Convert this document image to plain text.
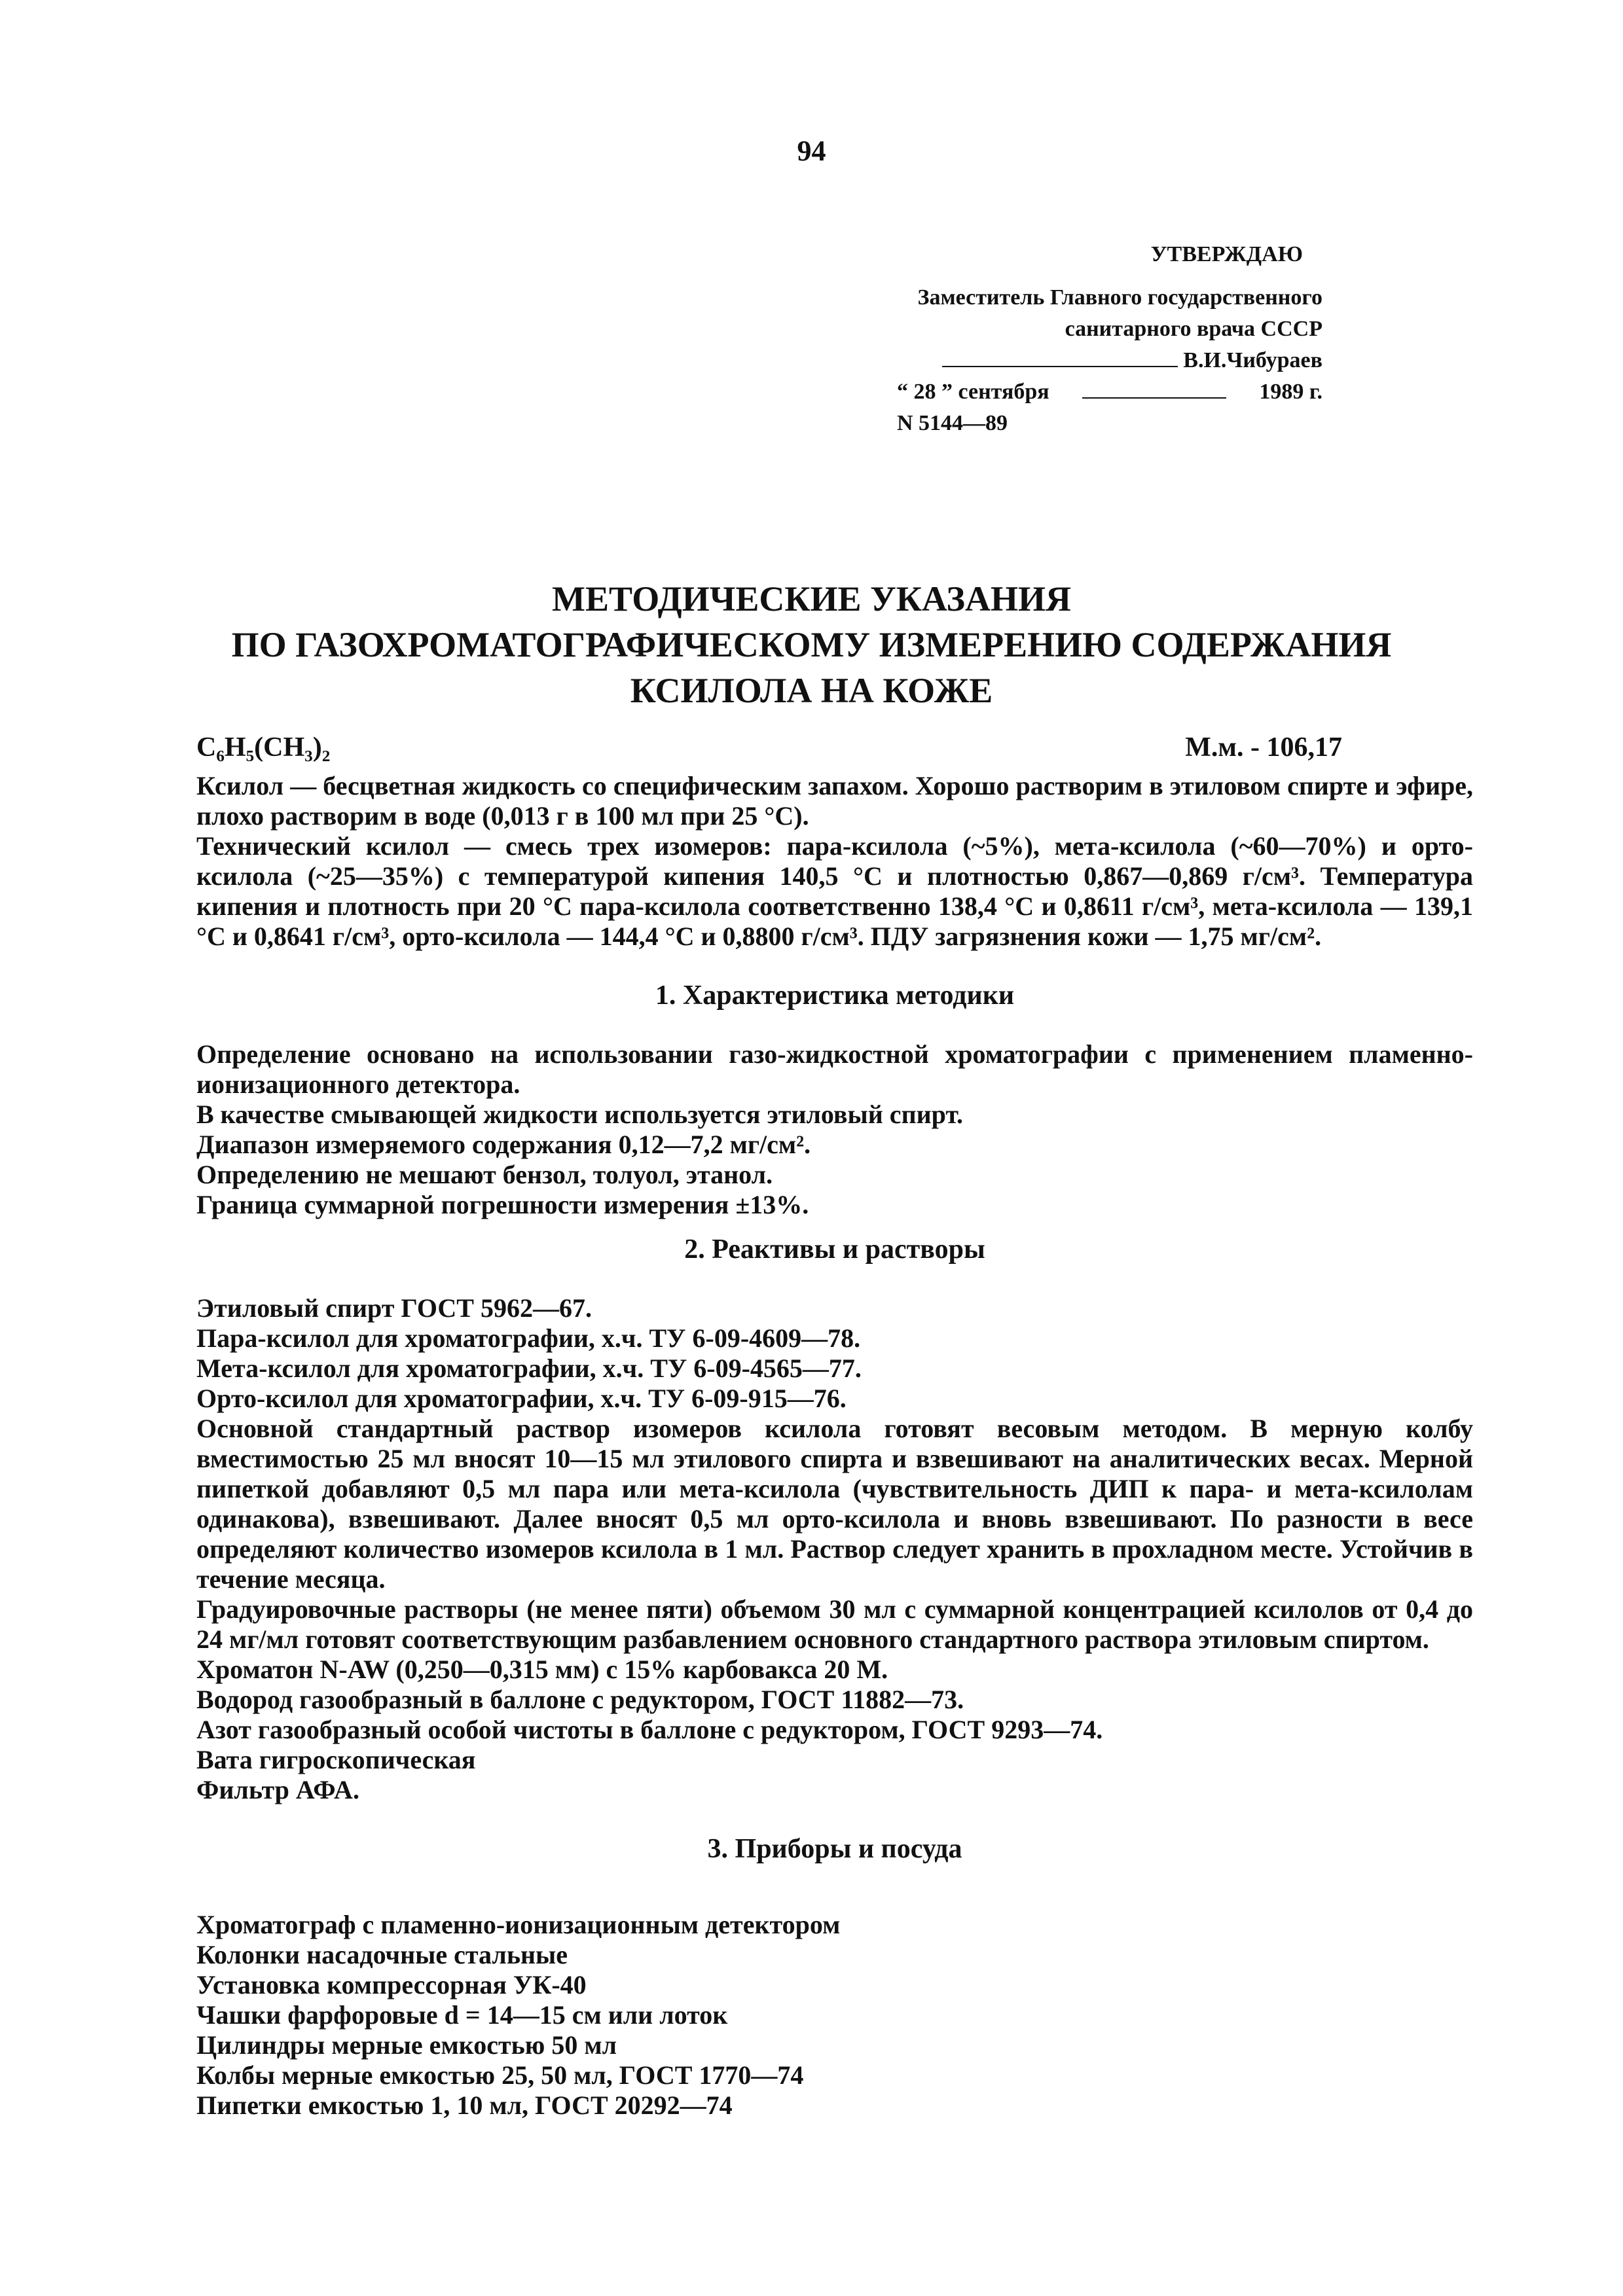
94
УТВЕРЖДАЮ
Заместитель Главного государственного
санитарного врача СССР
В.И.Чибураев
“ 28 ” сентября	1989 г.
N 5144—89
МЕТОДИЧЕСКИЕ УКАЗАНИЯ
ПО ГАЗОХРОМАТОГРАФИЧЕСКОМУ ИЗМЕРЕНИЮ СОДЕРЖАНИЯ
КСИЛОЛА НА КОЖЕ
C₆H₅(CH₃)₂	М.м. - 106,17

Ксилол — бесцветная жидкость со специфическим запахом. Хорошо растворим в этиловом спирте и эфире, плохо растворим в воде (0,013 г в 100 мл при 25 °С).

Технический ксилол — смесь трех изомеров: пара-ксилола (~5%), мета-ксилола (~60—70%) и орто-ксилола (~25—35%) с температурой кипения 140,5 °С и плотностью 0,867—0,869 г/см³. Температура кипения и плотность при 20 °С пара-ксилола соответственно 138,4 °С и 0,8611 г/см³, мета-ксилола — 139,1 °С и 0,8641 г/см³, орто-ксилола — 144,4 °С и 0,8800 г/см³. ПДУ загрязнения кожи — 1,75 мг/см².

1. Характеристика методики

Определение основано на использовании газо-жидкостной хроматографии с применением пламенно-ионизационного детектора.

В качестве смывающей жидкости используется этиловый спирт.

Диапазон измеряемого содержания 0,12—7,2 мг/см².

Определению не мешают бензол, толуол, этанол.

Граница суммарной погрешности измерения ±13%.

2. Реактивы и растворы

Этиловый спирт ГОСТ 5962—67.

Пара-ксилол для хроматографии, х.ч. ТУ 6-09-4609—78.

Мета-ксилол для хроматографии, х.ч. ТУ 6-09-4565—77.

Орто-ксилол для хроматографии, х.ч. ТУ 6-09-915—76.

Основной стандартный раствор изомеров ксилола готовят весовым методом. В мерную колбу вместимостью 25 мл вносят 10—15 мл этилового спирта и взвешивают на аналитических весах. Мерной пипеткой добавляют 0,5 мл пара или мета-ксилола (чувствительность ДИП к пара- и мета-ксилолам одинакова), взвешивают. Далее вносят 0,5 мл орто-ксилола и вновь взвешивают. По разности в весе определяют количество изомеров ксилола в 1 мл. Раствор следует хранить в прохладном месте. Устойчив в течение месяца.

Градуировочные растворы (не менее пяти) объемом 30 мл с суммарной концентрацией ксилолов от 0,4 до 24 мг/мл готовят соответствующим разбавлением основного стандартного раствора этиловым спиртом.

Хроматон N-AW (0,250—0,315 мм) с 15% карбовакса 20 М.

Водород газообразный в баллоне с редуктором, ГОСТ 11882—73.

Азот газообразный особой чистоты в баллоне с редуктором, ГОСТ 9293—74.

Вата гигроскопическая

Фильтр АФА.

3. Приборы и посуда

Хроматограф с пламенно-ионизационным детектором

Колонки насадочные стальные

Установка компрессорная УК-40

Чашки фарфоровые d = 14—15 см или лоток

Цилиндры мерные емкостью 50 мл

Колбы мерные емкостью 25, 50 мл, ГОСТ 1770—74

Пипетки емкостью 1, 10 мл, ГОСТ 20292—74
